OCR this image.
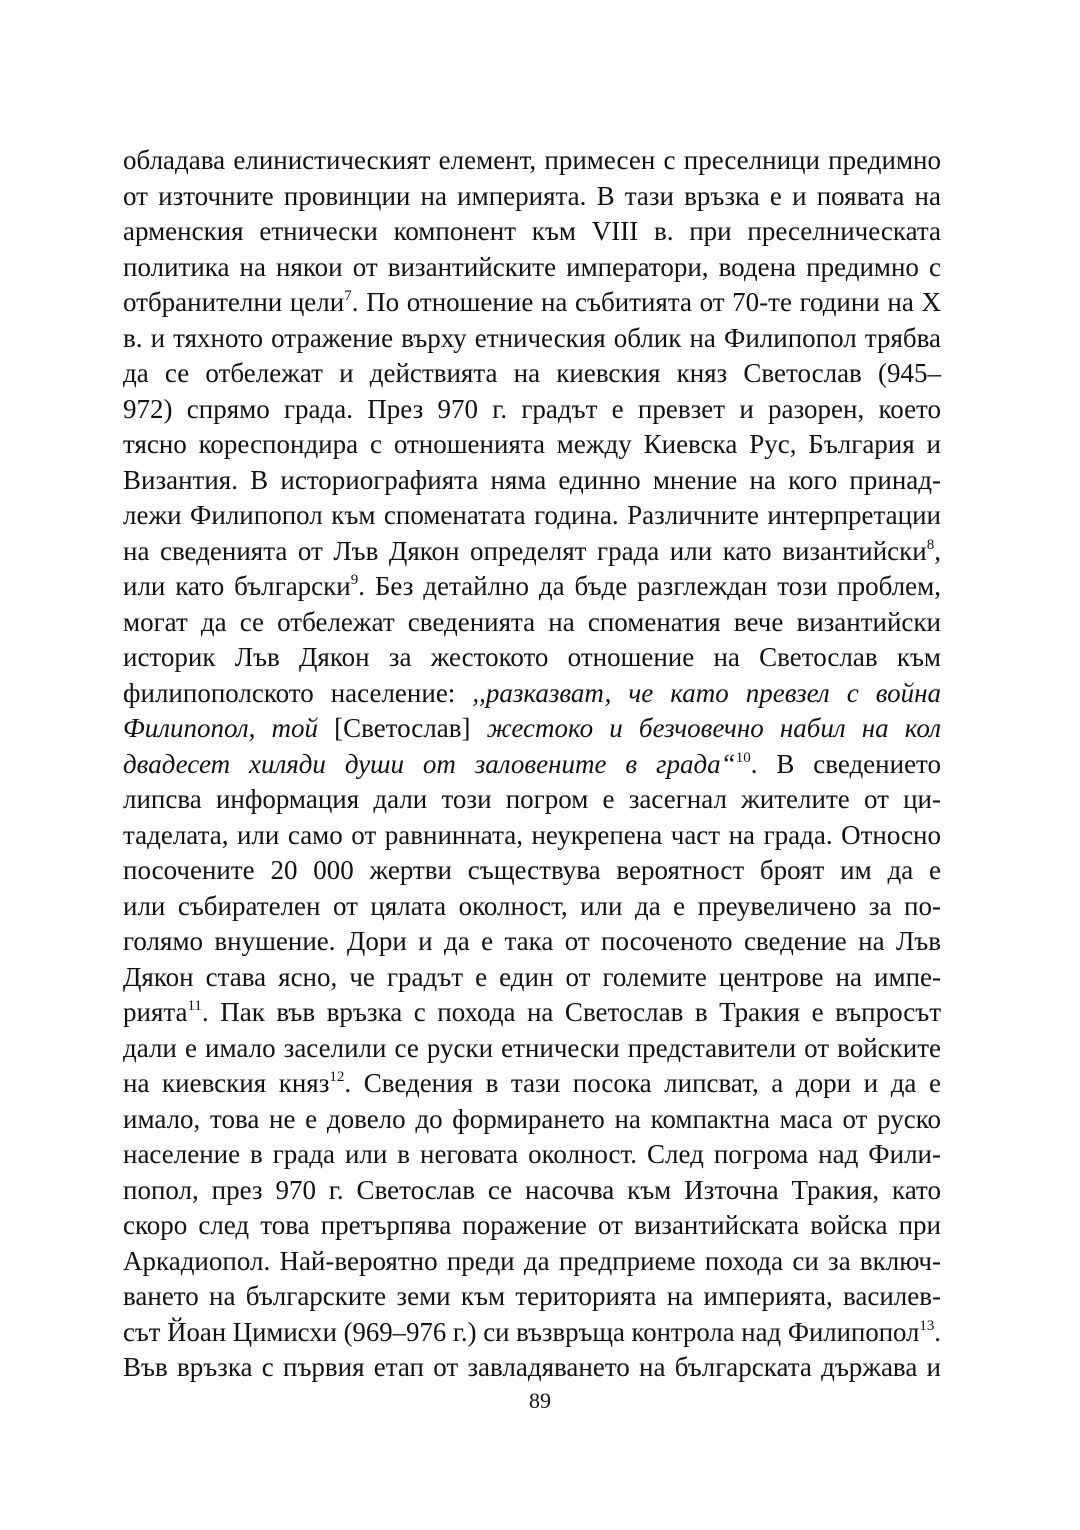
обладава елинистическият елемент, примесен с преселници предимно
от източните провинции на империята. В тази връзка е и появата на
арменския етнически компонент към VIII в. при преселническата
политика на някои от византийските императори, водена предимно с
отбранителни цели$^7$. По отношение на събитията от 70-те години на Х
в. и тяхното отражение върху етническия облик на Филипопол трябва
да се отбележат и действията на киевския княз Светослав (945–
972) спрямо града. През 970 г. градът е превзет и разорен, което
тясно кореспондира с отношенията между Киевска Рус, България и
Византия. В историографията няма единно мнение на кого принад-
лежи Филипопол към споменатата година. Различните интерпретации
на сведенията от Лъв Дякон определят града или като византийски$^8$,
или като български$^9$. Без детайлно да бъде разглеждан този проблем,
могат да се отбележат сведенията на споменатия вече византийски
историк Лъв Дякон за жестокото отношение на Светослав към
филипополското население: ,,разказват, че като превзел с война
Филипопол, той [Светослав] жестоко и безчовечно набил на кол
двадесет хиляди души от заловените в града“$^{10}$. В сведението
липсва информация дали този погром е засегнал жителите от ци-
таделата, или само от равнинната, неукрепена част на града. Относно
посочените 20 000 жертви съществува вероятност броят им да е
или събирателен от цялата околност, или да е преувеличено за по-
голямо внушение. Дори и да е така от посоченото сведение на Лъв
Дякон става ясно, че градът е един от големите центрове на импе-
рията$^{11}$. Пак във връзка с похода на Светослав в Тракия е въпросът
дали е имало заселили се руски етнически представители от войските
на киевския княз$^{12}$. Сведения в тази посока липсват, а дори и да е
имало, това не е довело до формирането на компактна маса от руско
население в града или в неговата околност. След погрома над Фили-
попол, през 970 г. Светослав се насочва към Източна Тракия, като
скоро след това претърпява поражение от византийската войска при
Аркадиопол. Най-вероятно преди да предприеме похода си за включ-
ването на българските земи към територията на империята, василев-
сът Йоан Цимисхи (969–976 г.) си възвръща контрола над Филипопол$^{13}$.
Във връзка с първия етап от завладяването на българската държава и
89
